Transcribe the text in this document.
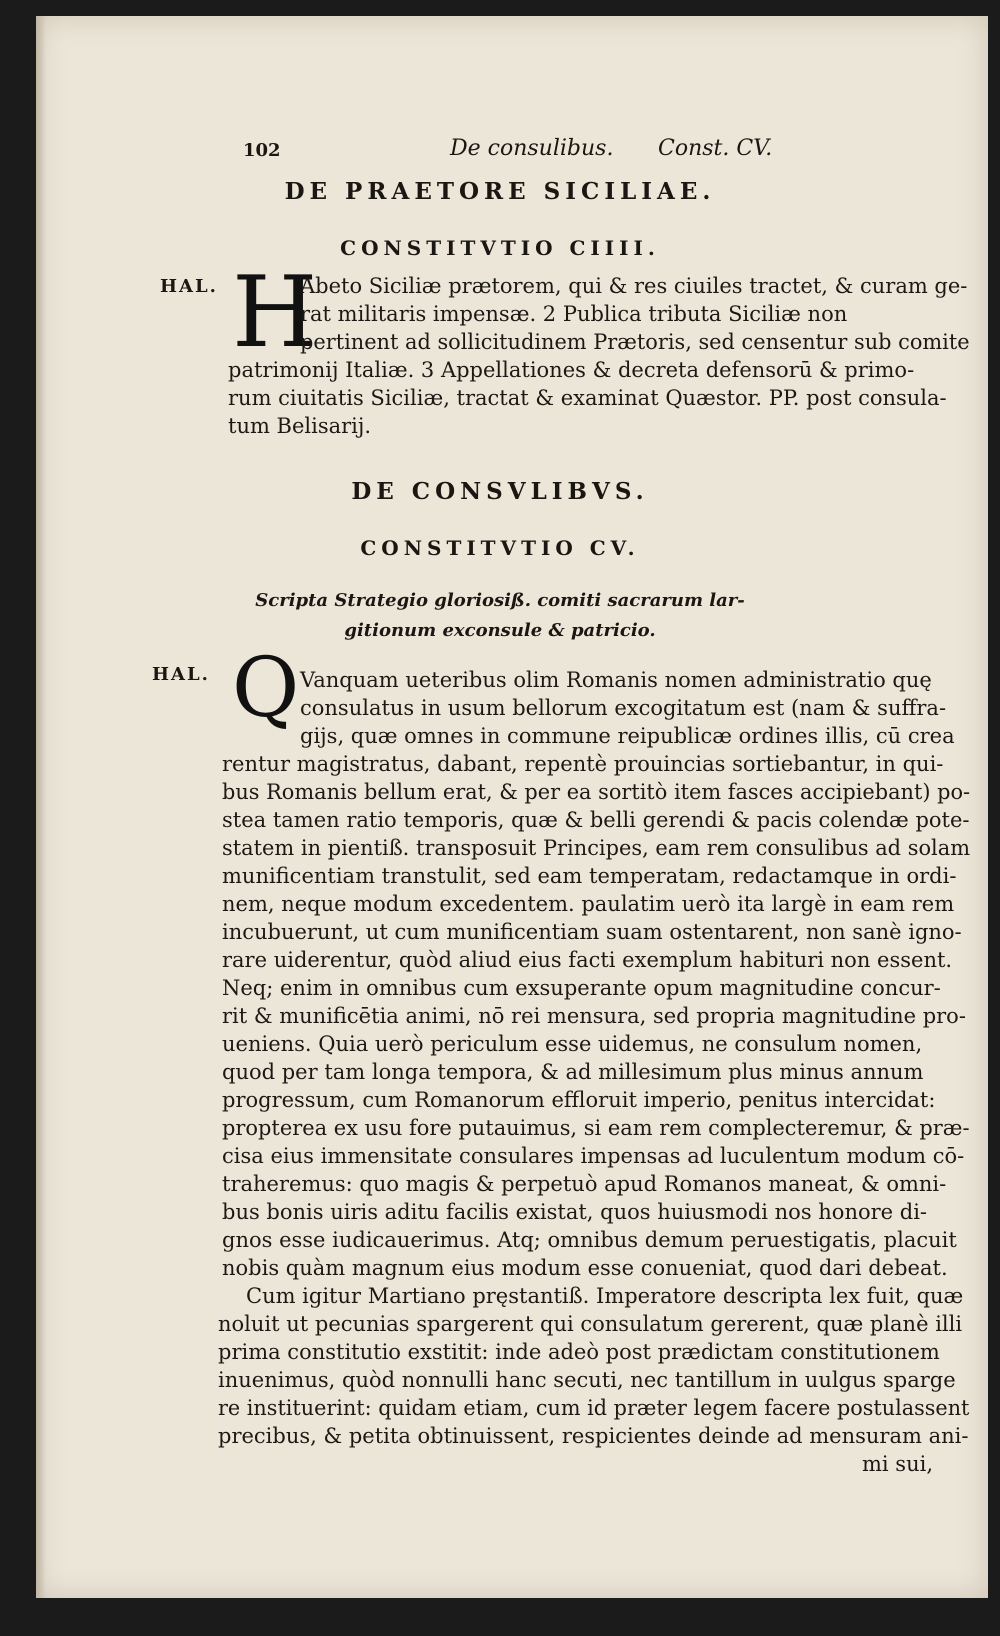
102	De consulibus. Const. CV.
DE PRAETORE SICILIAE.
CONSTITVTIO CIIII.
HAL. H
Abeto Siciliæ prætorem, qui & res ciuiles tractet, & curam ge-
rat militaris impensæ. 2 Publica tributa Siciliæ non
pertinent ad sollicitudinem Prætoris, sed censentur sub comite
patrimonij Italiæ. 3 Appellationes & decreta defensorū & primo-
rum ciuitatis Siciliæ, tractat & examinat Quæstor. PP. post consula-
tum Belisarij.
DE CONSVLIBVS.
CONSTITVTIO CV.
Scripta Strategio gloriosiß. comiti sacrarum lar-
gitionum exconsule & patricio.
HAL. Q Vanquam ueteribus olim Romanis nomen administratio quę
consulatus in usum bellorum excogitatum est (nam & suffra-
gijs, quæ omnes in commune reipublicæ ordines illis, cū crea
rentur magistratus, dabant, repentè prouincias sortiebantur, in qui-
bus Romanis bellum erat, & per ea sortitò item fasces accipiebant) po-
stea tamen ratio temporis, quæ & belli gerendi & pacis colendæ pote-
statem in pientiß. transposuit Principes, eam rem consulibus ad solam
munificentiam transtulit, sed eam temperatam, redactamque in ordi-
nem, neque modum excedentem. paulatim uerò ita largè in eam rem
incubuerunt, ut cum munificentiam suam ostentarent, non sanè igno-
rare uiderentur, quòd aliud eius facti exemplum habituri non essent.
Neq; enim in omnibus cum exsuperante opum magnitudine concur-
rit & munificētia animi, nō rei mensura, sed propria magnitudine pro-
ueniens. Quia uerò periculum esse uidemus, ne consulum nomen,
quod per tam longa tempora, & ad millesimum plus minus annum
progressum, cum Romanorum effloruit imperio, penitus intercidat:
propterea ex usu fore putauimus, si eam rem complecteremur, & præ-
cisa eius immensitate consulares impensas ad luculentum modum cō-
traheremus: quo magis & perpetuò apud Romanos maneat, & omni-
bus bonis uiris aditu facilis existat, quos huiusmodi nos honore di-
gnos esse iudicauerimus. Atq; omnibus demum peruestigatis, placuit
nobis quàm magnum eius modum esse conueniat, quod dari debeat.
Cum igitur Martiano pręstantiß. Imperatore descripta lex fuit, quæ
noluit ut pecunias spargerent qui consulatum gererent, quæ planè illi
prima constitutio exstitit: inde adeò post prædictam constitutionem
inuenimus, quòd nonnulli hanc secuti, nec tantillum in uulgus sparge
re instituerint: quidam etiam, cum id præter legem facere postulassent
precibus, & petita obtinuissent, respicientes deinde ad mensuram ani-
mi sui,
